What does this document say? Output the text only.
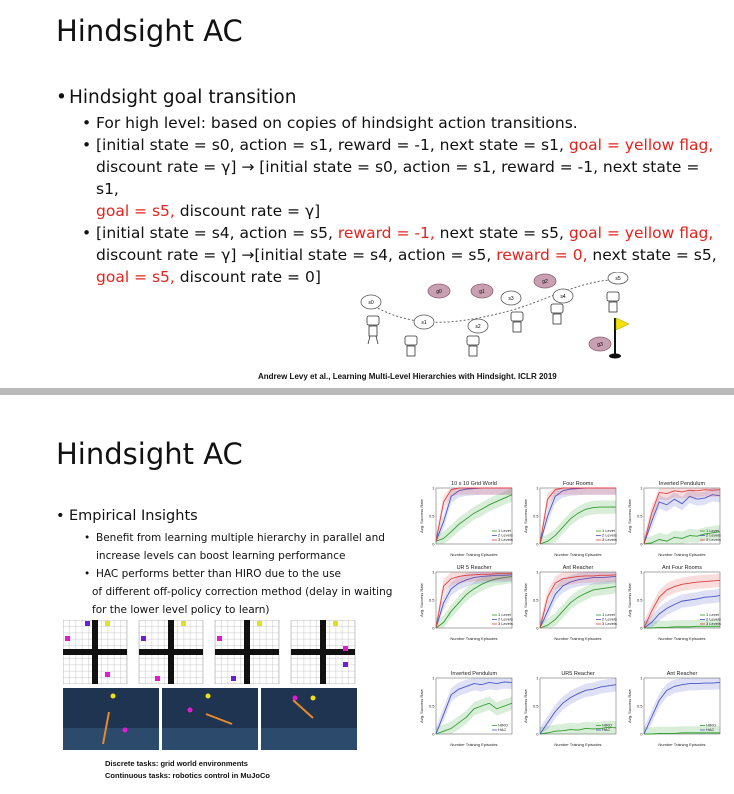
Hindsight AC
• Hindsight goal transition
• For high level: based on copies of hindsight action transitions.
• [initial state = s0, action = s1, reward = -1, next state = s1, goal = yellow flag,
discount rate = γ] → [initial state = s0, action = s1, reward = -1, next state = s1,
goal = s5, discount rate = γ]
• [initial state = s4, action = s5, reward = -1, next state = s5, goal = yellow flag,
discount rate = γ] →[initial state = s4, action = s5, reward = 0, next state = s5,
goal = s5, discount rate = 0]
s0
s1
s2
s3	s4
s5
g0	g1
g2
g3
Andrew Levy et al., Learning Multi-Level Hierarchies with Hindsight. ICLR 2019
Hindsight AC
• Empirical Insights
• Benefit from learning multiple hierarchy in parallel and
increase levels can boost learning performance
• HAC performs better than HIRO due to the use
of different off-policy correction method (delay in waiting
for the lower level policy to learn)
Discrete tasks: grid world environments
Continuous tasks: robotics control in MuJoCo
10 x 10 Grid World
Number Training Episodes
Avg. Success Rate
0
0.5
1
1 Level
2 Levels
3 Levels
Four Rooms
Number Training Episodes
Avg. Success Rate
0
0.5
1
1 Level
2 Levels
3 Levels
Inverted Pendulum
Number Training Episodes
Avg. Success Rate
0
0.5
1
1 Level
2 Levels
3 Levels
UR 5 Reacher
Number Training Episodes
Avg. Success Rate
0
0.5
1
1 Level
2 Levels
3 Levels
Ant Reacher
Number Training Episodes
Avg. Success Rate
0
0.5
1
1 Level
2 Levels
3 Levels
Ant Four Rooms
Number Training Episodes
Avg. Success Rate
0
0.5
1
1 Level
2 Levels
3 Levels
Inverted Pendulum
Number Training Episodes
Avg. Success Rate
0
0.5
1
HIRO
HAC
UR5 Reacher
Number Training Episodes
Avg. Success Rate
0
0.5
1
HIRO
HAC
Ant Reacher
Number Training Episodes
Avg. Success Rate
0
0.5
1
HIRO
HAC
